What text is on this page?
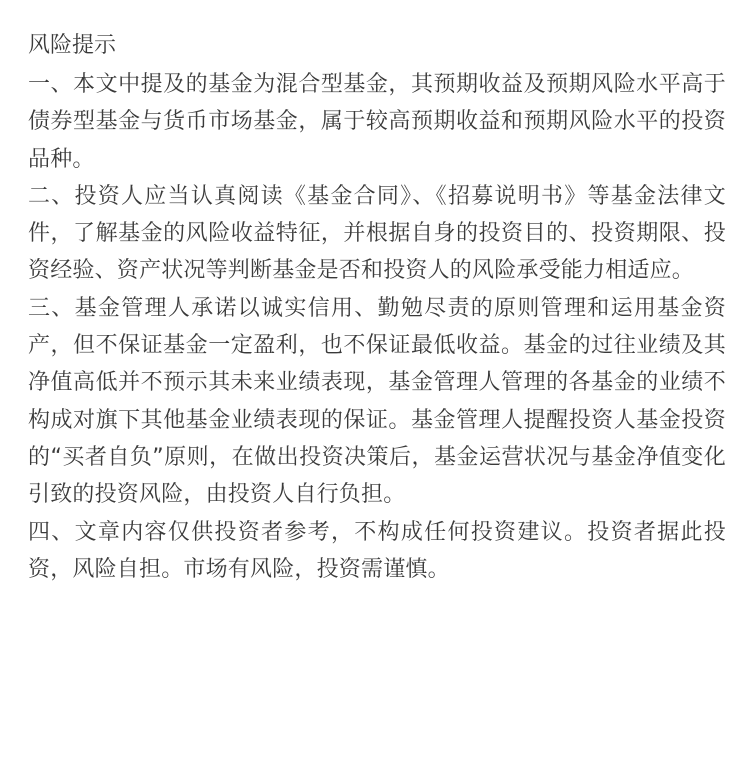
风险提示

一、本文中提及的基金为混合型基金，其预期收益及预期风险水平高于债券型基金与货币市场基金，属于较高预期收益和预期风险水平的投资品种。

二、投资人应当认真阅读《基金合同》、《招募说明书》等基金法律文件，了解基金的风险收益特征，并根据自身的投资目的、投资期限、投资经验、资产状况等判断基金是否和投资人的风险承受能力相适应。

三、基金管理人承诺以诚实信用、勤勉尽责的原则管理和运用基金资产，但不保证基金一定盈利，也不保证最低收益。基金的过往业绩及其净值高低并不预示其未来业绩表现，基金管理人管理的各基金的业绩不构成对旗下其他基金业绩表现的保证。基金管理人提醒投资人基金投资的“买者自负”原则，在做出投资决策后，基金运营状况与基金净值变化引致的投资风险，由投资人自行负担。

四、文章内容仅供投资者参考，不构成任何投资建议。投资者据此投资，风险自担。市场有风险，投资需谨慎。
